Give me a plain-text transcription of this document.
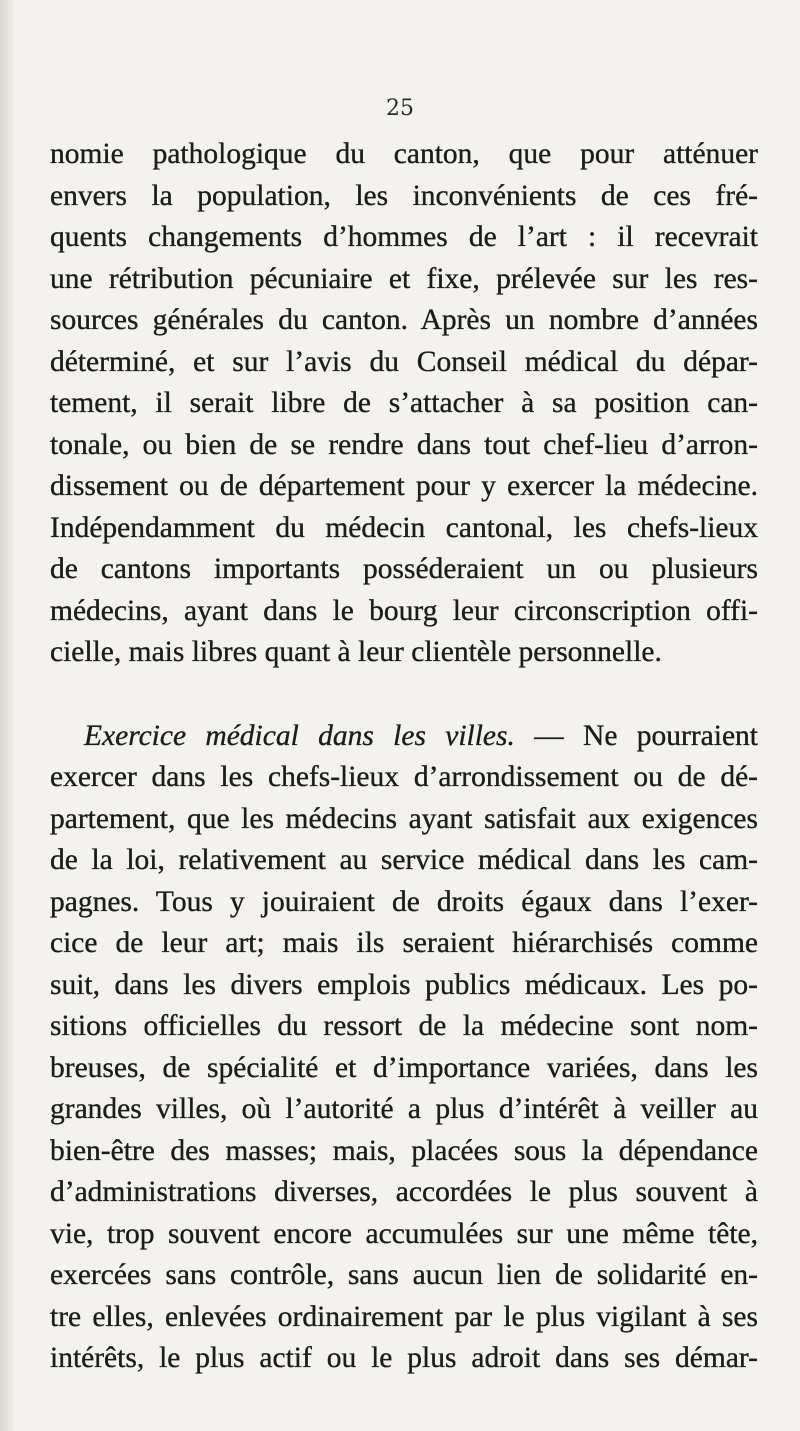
25
nomie pathologique du canton, que pour atténuer
envers la population, les inconvénients de ces fré-
quents changements d’hommes de l’art : il recevrait
une rétribution pécuniaire et fixe, prélevée sur les res-
sources générales du canton. Après un nombre d’années
déterminé, et sur l’avis du Conseil médical du dépar-
tement, il serait libre de s’attacher à sa position can-
tonale, ou bien de se rendre dans tout chef-lieu d’arron-
dissement ou de département pour y exercer la médecine.
Indépendamment du médecin cantonal, les chefs-lieux
de cantons importants posséderaient un ou plusieurs
médecins, ayant dans le bourg leur circonscription offi-
cielle, mais libres quant à leur clientèle personnelle.
Exercice médical dans les villes. — Ne pourraient
exercer dans les chefs-lieux d’arrondissement ou de dé-
partement, que les médecins ayant satisfait aux exigences
de la loi, relativement au service médical dans les cam-
pagnes. Tous y jouiraient de droits égaux dans l’exer-
cice de leur art; mais ils seraient hiérarchisés comme
suit, dans les divers emplois publics médicaux. Les po-
sitions officielles du ressort de la médecine sont nom-
breuses, de spécialité et d’importance variées, dans les
grandes villes, où l’autorité a plus d’intérêt à veiller au
bien-être des masses; mais, placées sous la dépendance
d’administrations diverses, accordées le plus souvent à
vie, trop souvent encore accumulées sur une même tête,
exercées sans contrôle, sans aucun lien de solidarité en-
tre elles, enlevées ordinairement par le plus vigilant à ses
intérêts, le plus actif ou le plus adroit dans ses démar-
